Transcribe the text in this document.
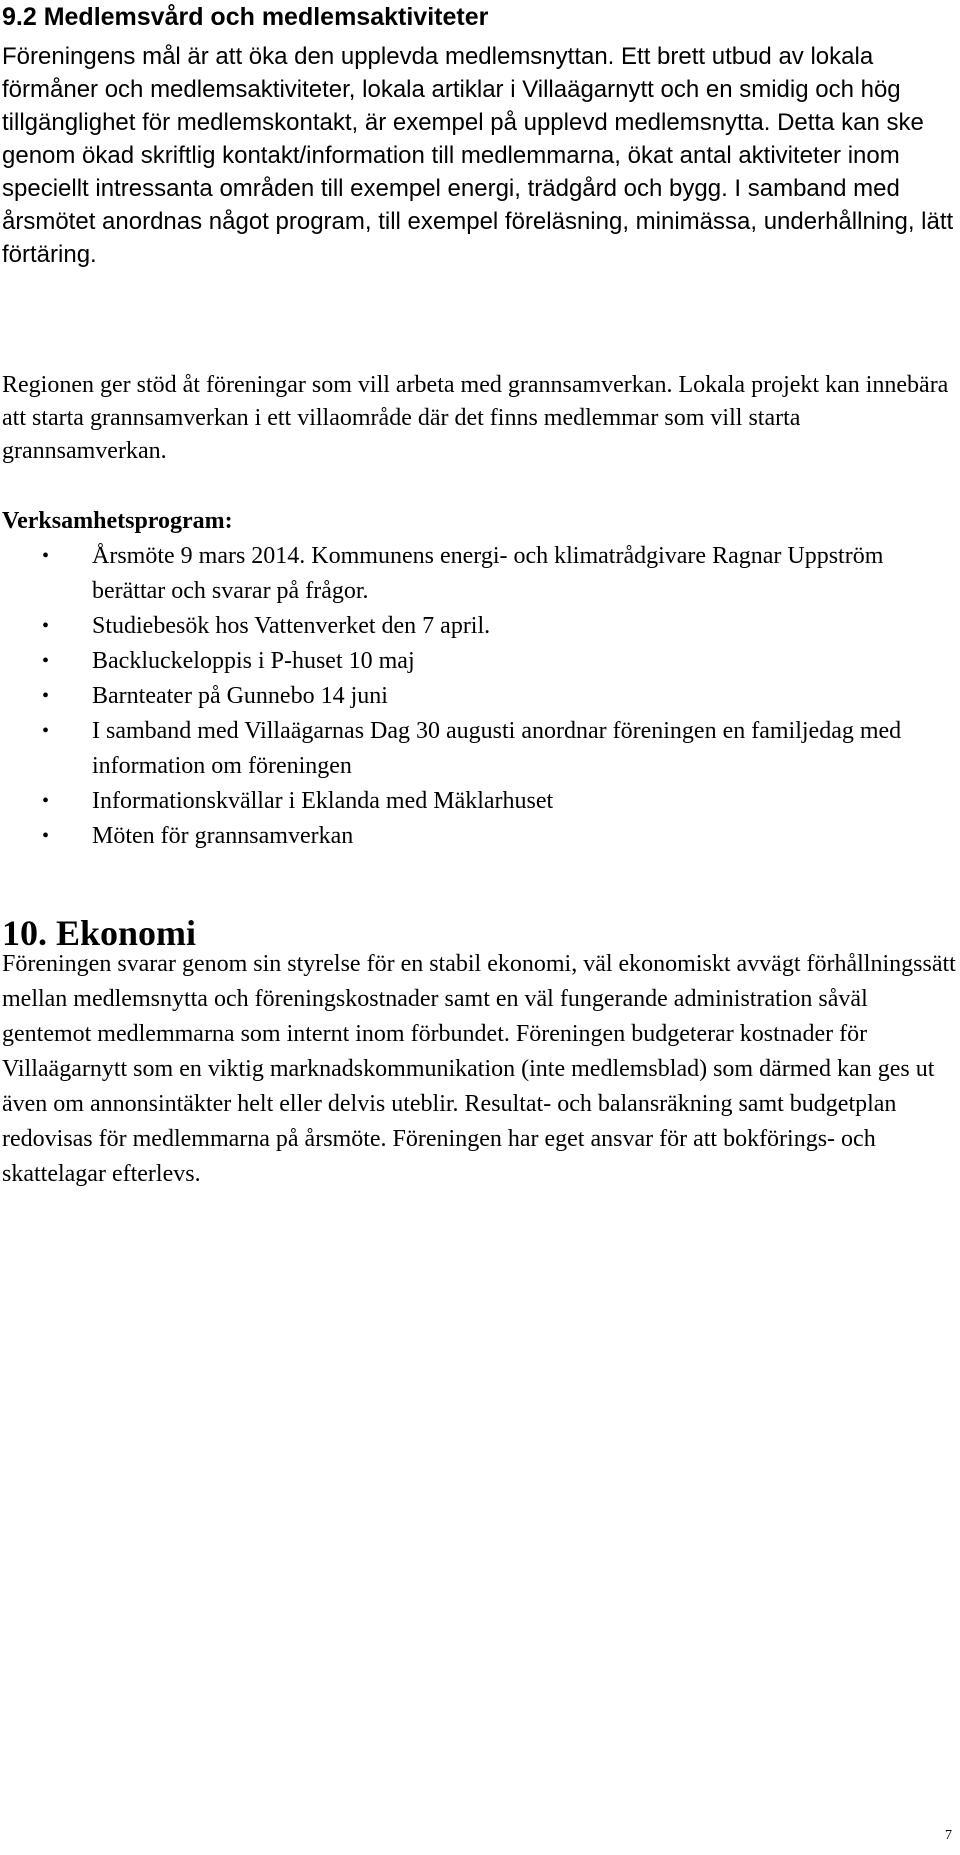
9.2 Medlemsvård och medlemsaktiviteter

Föreningens mål är att öka den upplevda medlemsnyttan. Ett brett utbud av lokala förmåner och medlemsaktiviteter, lokala artiklar i Villaägarnytt och en smidig och hög tillgänglighet för medlemskontakt, är exempel på upplevd medlemsnytta. Detta kan ske genom ökad skriftlig kontakt/information till medlemmarna, ökat antal aktiviteter inom speciellt intressanta områden till exempel energi, trädgård och bygg. I samband med årsmötet anordnas något program, till exempel föreläsning, minimässa, underhållning, lätt förtäring.

Regionen ger stöd åt föreningar som vill arbeta med grannsamverkan. Lokala projekt kan innebära att starta grannsamverkan i ett villaområde där det finns medlemmar som vill starta grannsamverkan.

Verksamhetsprogram:
• Årsmöte 9 mars 2014. Kommunens energi- och klimatrådgivare Ragnar Uppström berättar och svarar på frågor.
• Studiebesök hos Vattenverket den 7 april.
• Backluckeloppis i P-huset 10 maj
• Barnteater på Gunnebo 14 juni
• I samband med Villaägarnas Dag 30 augusti anordnar föreningen en familjedag med information om föreningen
• Informationskvällar i Eklanda med Mäklarhuset
• Möten för grannsamverkan
10. Ekonomi

Föreningen svarar genom sin styrelse för en stabil ekonomi, väl ekonomiskt avvägt förhållningssätt mellan medlemsnytta och föreningskostnader samt en väl fungerande administration såväl gentemot medlemmarna som internt inom förbundet. Föreningen budgeterar kostnader för Villaägarnytt som en viktig marknadskommunikation (inte medlemsblad) som därmed kan ges ut även om annonsintäkter helt eller delvis uteblir. Resultat- och balansräkning samt budgetplan redovisas för medlemmarna på årsmöte. Föreningen har eget ansvar för att bokförings- och skattelagar efterlevs.

7
